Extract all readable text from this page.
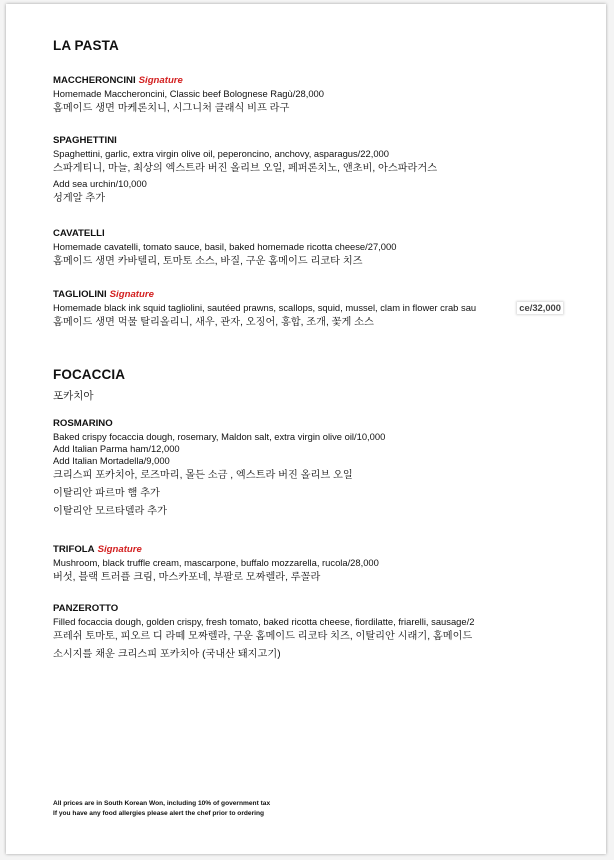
LA PASTA
MACCHERONCINI Signature
Homemade Maccheroncini, Classic beef Bolognese Ragù/28,000
홈메이드 생면 마케론치니, 시그니처 클래식 비프 라구
SPAGHETTINI
Spaghettini, garlic, extra virgin olive oil, peperoncino, anchovy, asparagus/22,000
스파게티니, 마늘, 최상의 엑스트라 버진 올리브 오일, 페퍼론치노, 앤초비, 아스파라거스
Add sea urchin/10,000
성게알 추가
CAVATELLI
Homemade cavatelli, tomato sauce, basil, baked homemade ricotta cheese/27,000
홈메이드 생면 카바텔리, 토마토 소스, 바질, 구운 홈메이드 리코타 치즈
TAGLIOLINI Signature
Homemade black ink squid tagliolini, sautéed prawns, scallops, squid, mussel, clam in flower crab sau	ce/32,000
홈메이드 생면 먹물 탈리올리니, 새우, 관자, 오징어, 홍합, 조개, 꽃게 소스
FOCACCIA
포카치아
ROSMARINO
Baked crispy focaccia dough, rosemary, Maldon salt, extra virgin olive oil/10,000
Add Italian Parma ham/12,000
Add Italian Mortadella/9,000
크리스피 포카치아, 로즈마리, 몰든 소금 , 엑스트라 버진 올리브 오일
이탈리안 파르마 햄 추가
이탈리안 모르타델라 추가
TRIFOLA Signature
Mushroom, black truffle cream, mascarpone, buffalo mozzarella, rucola/28,000
버섯, 블랙 트러플 크림, 마스카포네, 부팔로 모짜렐라, 루꼴라
PANZEROTTO
Filled focaccia dough, golden crispy, fresh tomato, baked ricotta cheese, fiordilatte, friarelli, sausage/2
프레쉬 토마토, 피오르 디 라떼 모짜렐라, 구운 홈메이드 리코타 치즈, 이탈리안 시래기, 홈메이드
소시지를 채운 크리스피 포카치아 (국내산 돼지고기)
All prices are in South Korean Won, including 10% of government tax
If you have any food allergies please alert the chef prior to ordering
